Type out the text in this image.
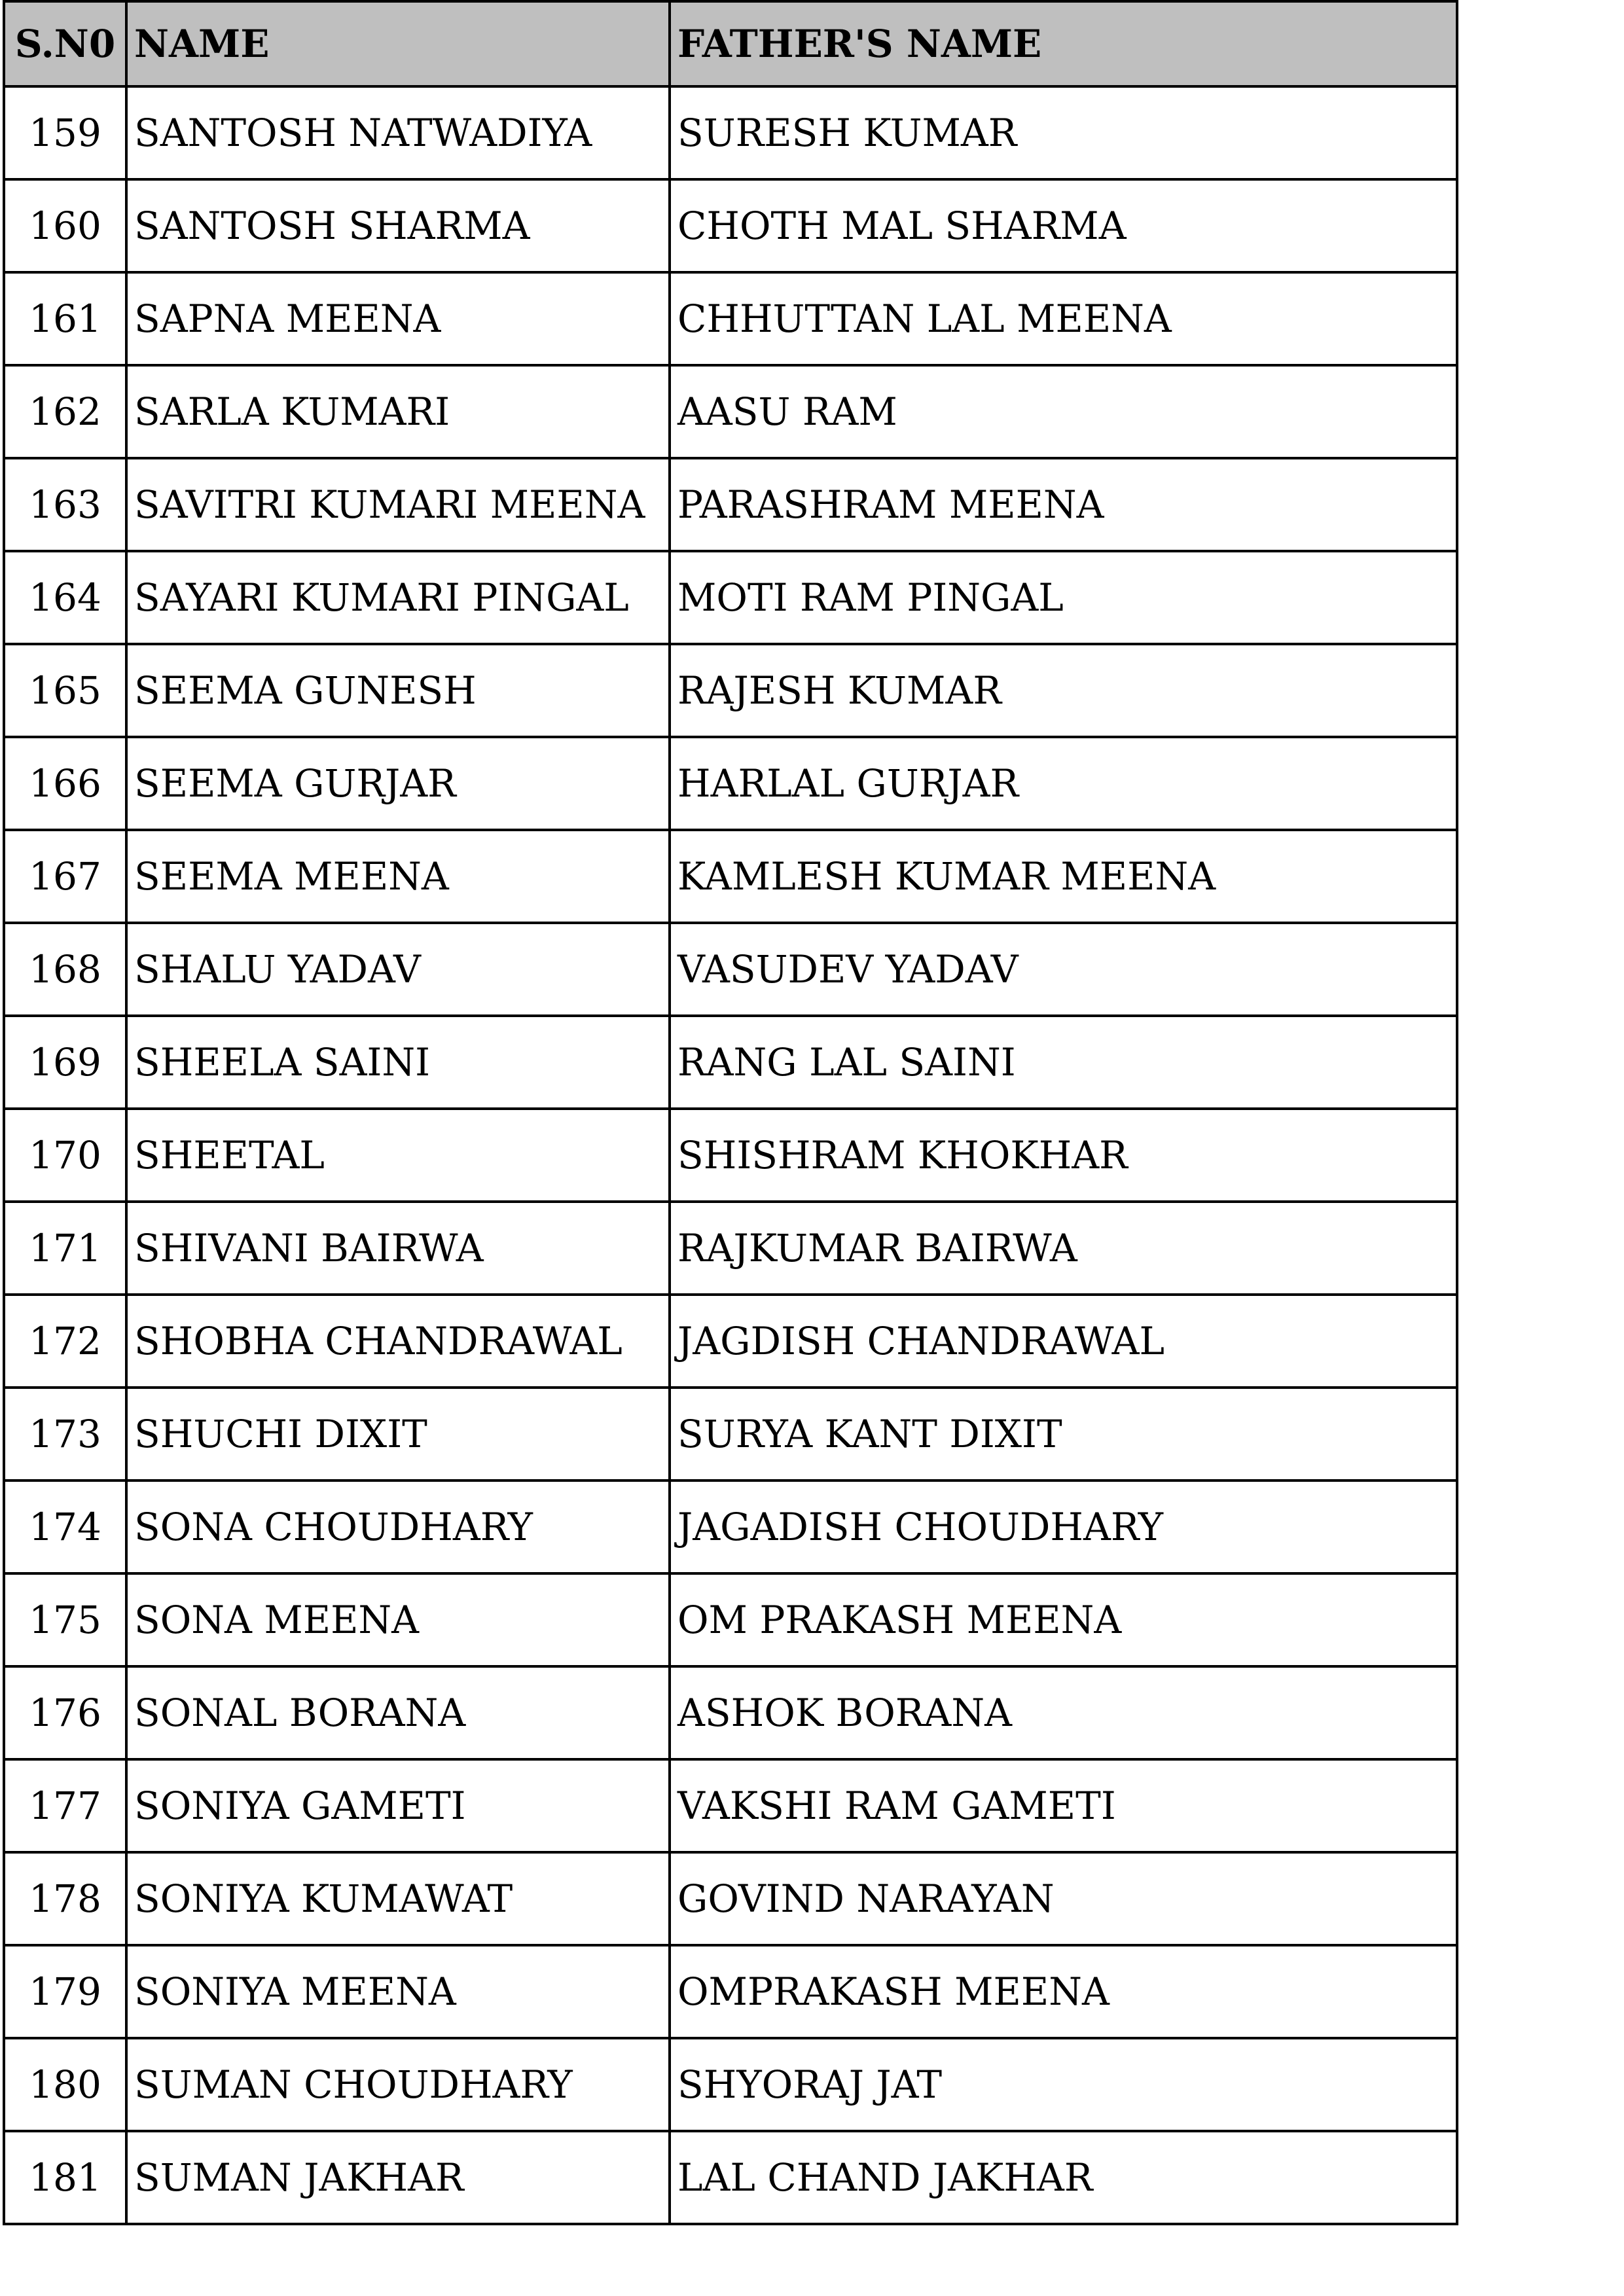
S.N0	NAME	FATHER'S NAME
159	SANTOSH NATWADIYA	SURESH KUMAR
160	SANTOSH SHARMA	CHOTH MAL SHARMA
161	SAPNA MEENA	CHHUTTAN LAL MEENA
162	SARLA KUMARI	AASU RAM
163	SAVITRI KUMARI MEENA	PARASHRAM MEENA
164	SAYARI KUMARI PINGAL	MOTI RAM PINGAL
165	SEEMA GUNESH	RAJESH KUMAR
166	SEEMA GURJAR	HARLAL GURJAR
167	SEEMA MEENA	KAMLESH KUMAR MEENA
168	SHALU YADAV	VASUDEV YADAV
169	SHEELA SAINI	RANG LAL SAINI
170	SHEETAL	SHISHRAM KHOKHAR
171	SHIVANI BAIRWA	RAJKUMAR BAIRWA
172	SHOBHA CHANDRAWAL	JAGDISH CHANDRAWAL
173	SHUCHI DIXIT	SURYA KANT DIXIT
174	SONA CHOUDHARY	JAGADISH CHOUDHARY
175	SONA MEENA	OM PRAKASH MEENA
176	SONAL BORANA	ASHOK BORANA
177	SONIYA GAMETI	VAKSHI RAM GAMETI
178	SONIYA KUMAWAT	GOVIND NARAYAN
179	SONIYA MEENA	OMPRAKASH MEENA
180	SUMAN CHOUDHARY	SHYORAJ JAT
181	SUMAN JAKHAR	LAL CHAND JAKHAR
